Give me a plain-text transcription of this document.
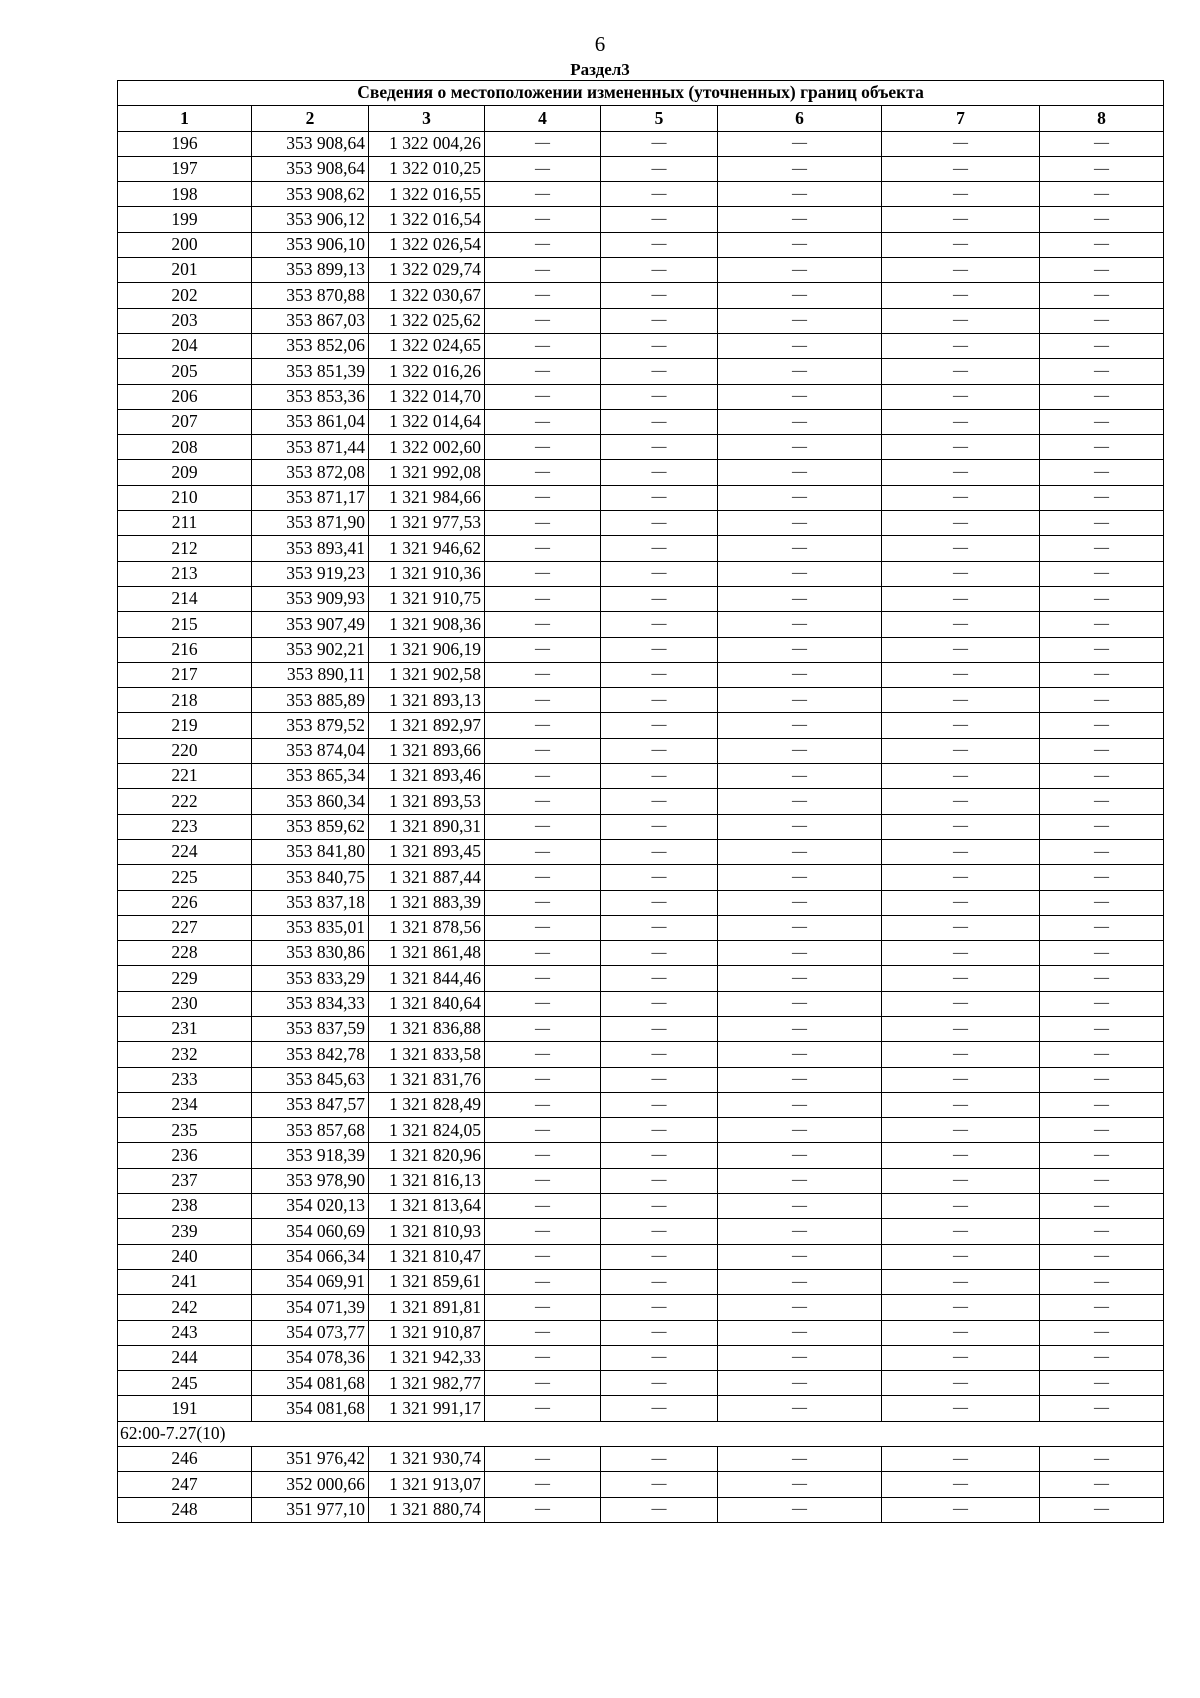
6
Раздел3
Сведения о местоположении измененных (уточненных) границ объекта							
1	2	3	4	5	6	7	8
196	353 908,64	1 322 004,26	—	—	—	—	—
197	353 908,64	1 322 010,25	—	—	—	—	—
198	353 908,62	1 322 016,55	—	—	—	—	—
199	353 906,12	1 322 016,54	—	—	—	—	—
200	353 906,10	1 322 026,54	—	—	—	—	—
201	353 899,13	1 322 029,74	—	—	—	—	—
202	353 870,88	1 322 030,67	—	—	—	—	—
203	353 867,03	1 322 025,62	—	—	—	—	—
204	353 852,06	1 322 024,65	—	—	—	—	—
205	353 851,39	1 322 016,26	—	—	—	—	—
206	353 853,36	1 322 014,70	—	—	—	—	—
207	353 861,04	1 322 014,64	—	—	—	—	—
208	353 871,44	1 322 002,60	—	—	—	—	—
209	353 872,08	1 321 992,08	—	—	—	—	—
210	353 871,17	1 321 984,66	—	—	—	—	—
211	353 871,90	1 321 977,53	—	—	—	—	—
212	353 893,41	1 321 946,62	—	—	—	—	—
213	353 919,23	1 321 910,36	—	—	—	—	—
214	353 909,93	1 321 910,75	—	—	—	—	—
215	353 907,49	1 321 908,36	—	—	—	—	—
216	353 902,21	1 321 906,19	—	—	—	—	—
217	353 890,11	1 321 902,58	—	—	—	—	—
218	353 885,89	1 321 893,13	—	—	—	—	—
219	353 879,52	1 321 892,97	—	—	—	—	—
220	353 874,04	1 321 893,66	—	—	—	—	—
221	353 865,34	1 321 893,46	—	—	—	—	—
222	353 860,34	1 321 893,53	—	—	—	—	—
223	353 859,62	1 321 890,31	—	—	—	—	—
224	353 841,80	1 321 893,45	—	—	—	—	—
225	353 840,75	1 321 887,44	—	—	—	—	—
226	353 837,18	1 321 883,39	—	—	—	—	—
227	353 835,01	1 321 878,56	—	—	—	—	—
228	353 830,86	1 321 861,48	—	—	—	—	—
229	353 833,29	1 321 844,46	—	—	—	—	—
230	353 834,33	1 321 840,64	—	—	—	—	—
231	353 837,59	1 321 836,88	—	—	—	—	—
232	353 842,78	1 321 833,58	—	—	—	—	—
233	353 845,63	1 321 831,76	—	—	—	—	—
234	353 847,57	1 321 828,49	—	—	—	—	—
235	353 857,68	1 321 824,05	—	—	—	—	—
236	353 918,39	1 321 820,96	—	—	—	—	—
237	353 978,90	1 321 816,13	—	—	—	—	—
238	354 020,13	1 321 813,64	—	—	—	—	—
239	354 060,69	1 321 810,93	—	—	—	—	—
240	354 066,34	1 321 810,47	—	—	—	—	—
241	354 069,91	1 321 859,61	—	—	—	—	—
242	354 071,39	1 321 891,81	—	—	—	—	—
243	354 073,77	1 321 910,87	—	—	—	—	—
244	354 078,36	1 321 942,33	—	—	—	—	—
245	354 081,68	1 321 982,77	—	—	—	—	—
191	354 081,68	1 321 991,17	—	—	—	—	—
62:00-7.27(10)							
246	351 976,42	1 321 930,74	—	—	—	—	—
247	352 000,66	1 321 913,07	—	—	—	—	—
248	351 977,10	1 321 880,74	—	—	—	—	—
